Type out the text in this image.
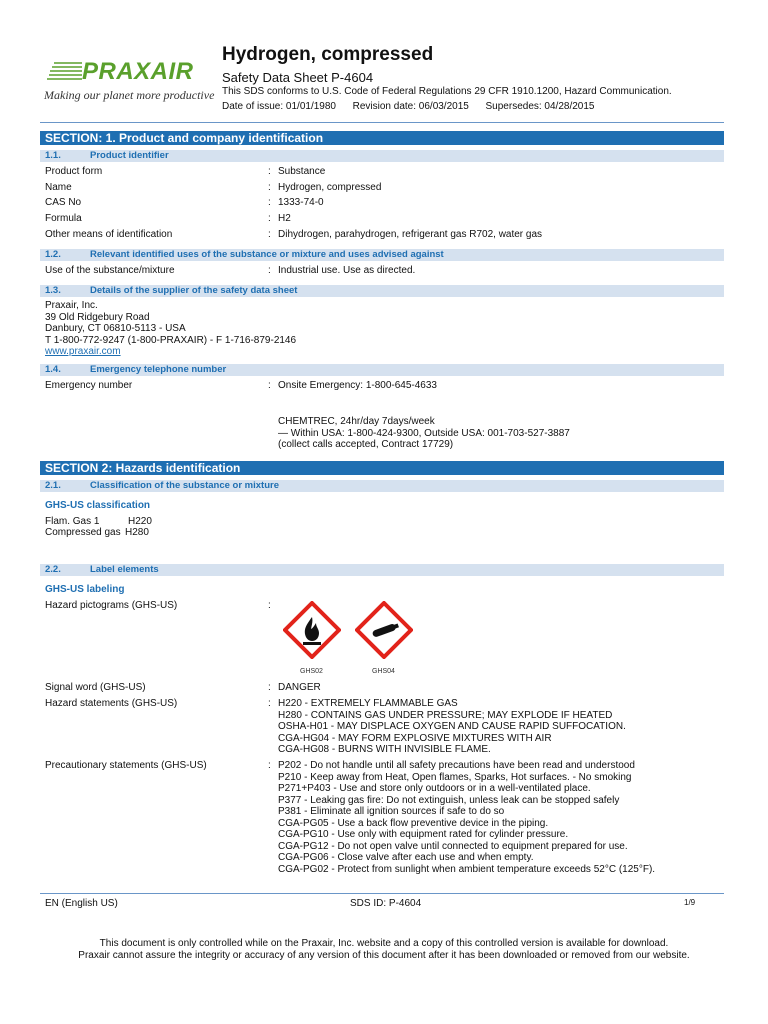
PRAXAIR
Making our planet more productive
Hydrogen, compressed
Safety Data Sheet P-4604
This SDS conforms to U.S. Code of Federal Regulations 29 CFR 1910.1200, Hazard Communication.
Date of issue: 01/01/1980      Revision date: 06/03/2015      Supersedes: 04/28/2015
SECTION: 1. Product and company identification
1.1.	Product identifier
Product form	: Substance
Name	: Hydrogen, compressed
CAS No	: 1333-74-0
Formula	: H2
Other means of identification	: Dihydrogen, parahydrogen, refrigerant gas R702, water gas
1.2.	Relevant identified uses of the substance or mixture and uses advised against
Use of the substance/mixture	: Industrial use. Use as directed.
1.3.	Details of the supplier of the safety data sheet
Praxair, Inc.
39 Old Ridgebury Road
Danbury, CT 06810-5113 - USA
T 1-800-772-9247 (1-800-PRAXAIR) - F 1-716-879-2146
www.praxair.com
1.4.	Emergency telephone number
Emergency number	: Onsite Emergency: 1-800-645-4633
CHEMTREC, 24hr/day 7days/week
— Within USA: 1-800-424-9300, Outside USA: 001-703-527-3887
(collect calls accepted, Contract 17729)
SECTION 2: Hazards identification
2.1.	Classification of the substance or mixture
GHS-US classification
Flam. Gas 1	H220
Compressed gas H280
2.2.	Label elements
GHS-US labeling
Hazard pictograms (GHS-US)	:
GHS02	GHS04
Signal word (GHS-US)	: DANGER
Hazard statements (GHS-US)	: H220 - EXTREMELY FLAMMABLE GAS
H280 - CONTAINS GAS UNDER PRESSURE; MAY EXPLODE IF HEATED
OSHA-H01 - MAY DISPLACE OXYGEN AND CAUSE RAPID SUFFOCATION.
CGA-HG04 - MAY FORM EXPLOSIVE MIXTURES WITH AIR
CGA-HG08 - BURNS WITH INVISIBLE FLAME.
Precautionary statements (GHS-US)	: P202 - Do not handle until all safety precautions have been read and understood
P210 - Keep away from Heat, Open flames, Sparks, Hot surfaces. - No smoking
P271+P403 - Use and store only outdoors or in a well-ventilated place.
P377 - Leaking gas fire: Do not extinguish, unless leak can be stopped safely
P381 - Eliminate all ignition sources if safe to do so
CGA-PG05 - Use a back flow preventive device in the piping.
CGA-PG10 - Use only with equipment rated for cylinder pressure.
CGA-PG12 - Do not open valve until connected to equipment prepared for use.
CGA-PG06 - Close valve after each use and when empty.
CGA-PG02 - Protect from sunlight when ambient temperature exceeds 52°C (125°F).
EN (English US)	SDS ID: P-4604	1/9
This document is only controlled while on the Praxair, Inc. website and a copy of this controlled version is available for download.
Praxair cannot assure the integrity or accuracy of any version of this document after it has been downloaded or removed from our website.
